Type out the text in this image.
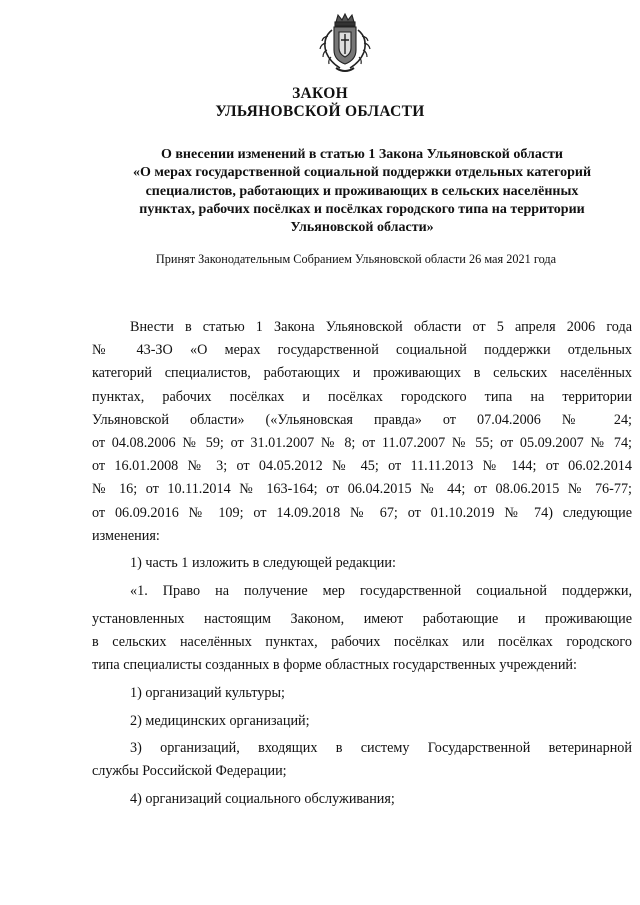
ЗАКОН
УЛЬЯНОВСКОЙ ОБЛАСТИ
О внесении изменений в статью 1 Закона Ульяновской области
«О мерах государственной социальной поддержки отдельных категорий
специалистов, работающих и проживающих в сельских населённых
пунктах, рабочих посёлках и посёлках городского типа на территории
Ульяновской области»
Принят Законодательным Собранием Ульяновской области 26 мая 2021 года
Внести в статью 1 Закона Ульяновской области от 5 апреля 2006 года
№ 43-ЗО «О мерах государственной социальной поддержки отдельных
категорий специалистов, работающих и проживающих в сельских населённых
пунктах, рабочих посёлках и посёлках городского типа на территории
Ульяновской области» («Ульяновская правда» от 07.04.2006 № 24;
от 04.08.2006 № 59; от 31.01.2007 № 8; от 11.07.2007 № 55; от 05.09.2007 № 74;
от 16.01.2008 № 3; от 04.05.2012 № 45; от 11.11.2013 № 144; от 06.02.2014
№ 16; от 10.11.2014 № 163-164; от 06.04.2015 № 44; от 08.06.2015 № 76-77;
от 06.09.2016 № 109; от 14.09.2018 № 67; от 01.10.2019 № 74) следующие
изменения:
1) часть 1 изложить в следующей редакции:
«1. Право на получение мер государственной социальной поддержки,
установленных настоящим Законом, имеют работающие и проживающие
в сельских населённых пунктах, рабочих посёлках или посёлках городского
типа специалисты созданных в форме областных государственных учреждений:
1) организаций культуры;
2) медицинских организаций;
3) организаций, входящих в систему Государственной ветеринарной
службы Российской Федерации;
4) организаций социального обслуживания;
